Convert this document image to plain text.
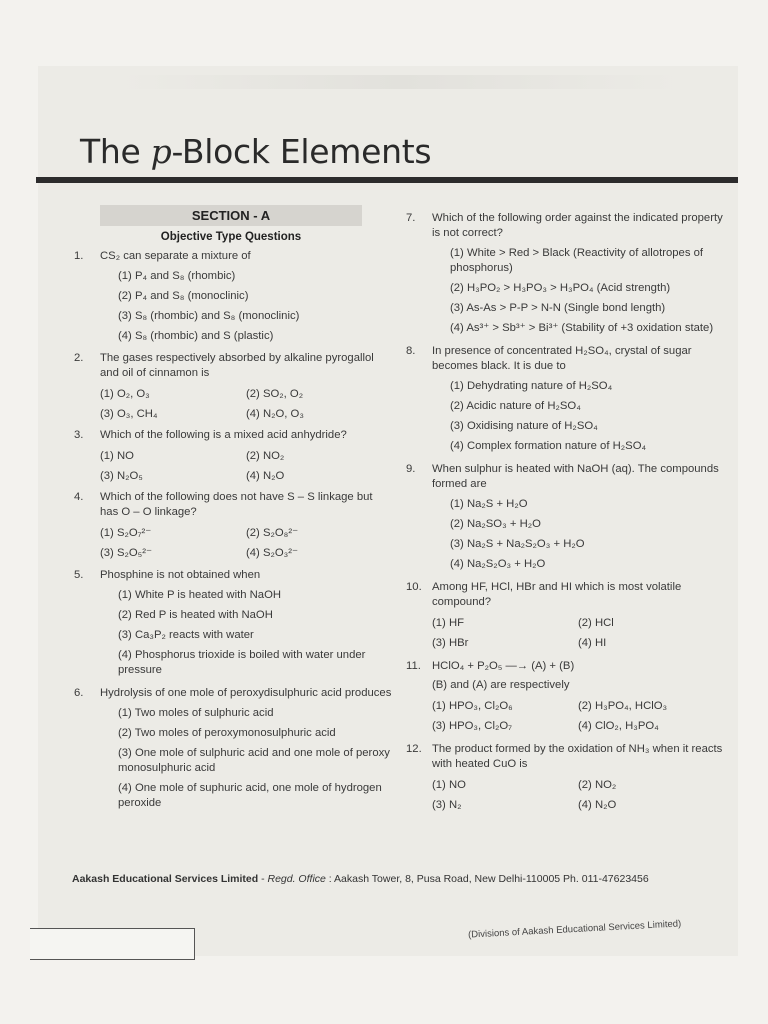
The p-Block Elements
SECTION - A
Objective Type Questions
1. CS₂ can separate a mixture of
(1) P₄ and S₈ (rhombic)
(2) P₄ and S₈ (monoclinic)
(3) S₈ (rhombic) and S₈ (monoclinic)
(4) S₈ (rhombic) and S (plastic)
2. The gases respectively absorbed by alkaline pyrogallol and oil of cinnamon is
(1) O₂, O₃	(2) SO₂, O₂
(3) O₃, CH₄	(4) N₂O, O₃
3. Which of the following is a mixed acid anhydride?
(1) NO	(2) NO₂
(3) N₂O₅	(4) N₂O
4. Which of the following does not have S – S linkage but has O – O linkage?
(1) S₂O₇²⁻	(2) S₂O₈²⁻
(3) S₂O₅²⁻	(4) S₂O₃²⁻
5. Phosphine is not obtained when
(1) White P is heated with NaOH
(2) Red P is heated with NaOH
(3) Ca₃P₂ reacts with water
(4) Phosphorus trioxide is boiled with water under pressure
6. Hydrolysis of one mole of peroxydisulphuric acid produces
(1) Two moles of sulphuric acid
(2) Two moles of peroxymonosulphuric acid
(3) One mole of sulphuric acid and one mole of peroxy monosulphuric acid
(4) One mole of suphuric acid, one mole of hydrogen peroxide
7. Which of the following order against the indicated property is not correct?
(1) White > Red > Black (Reactivity of allotropes of phosphorus)
(2) H₃PO₂ > H₃PO₃ > H₃PO₄ (Acid strength)
(3) As-As > P-P > N-N (Single bond length)
(4) As³⁺ > Sb³⁺ > Bi³⁺ (Stability of +3 oxidation state)
8. In presence of concentrated H₂SO₄, crystal of sugar becomes black. It is due to
(1) Dehydrating nature of H₂SO₄
(2) Acidic nature of H₂SO₄
(3) Oxidising nature of H₂SO₄
(4) Complex formation nature of H₂SO₄
9. When sulphur is heated with NaOH (aq). The compounds formed are
(1) Na₂S + H₂O
(2) Na₂SO₃ + H₂O
(3) Na₂S + Na₂S₂O₃ + H₂O
(4) Na₂S₂O₃ + H₂O
10. Among HF, HCl, HBr and HI which is most volatile compound?
(1) HF	(2) HCl
(3) HBr	(4) HI
11. HClO₄ + P₂O₅ —→ (A) + (B)
(B) and (A) are respectively
(1) HPO₃, Cl₂O₆	(2) H₃PO₄, HClO₃
(3) HPO₃, Cl₂O₇	(4) ClO₂, H₃PO₄
12. The product formed by the oxidation of NH₃ when it reacts with heated CuO is
(1) NO	(2) NO₂
(3) N₂	(4) N₂O
Aakash Educational Services Limited - Regd. Office : Aakash Tower, 8, Pusa Road, New Delhi-110005 Ph. 011-47623456
(Divisions of Aakash Educational Services Limited)
